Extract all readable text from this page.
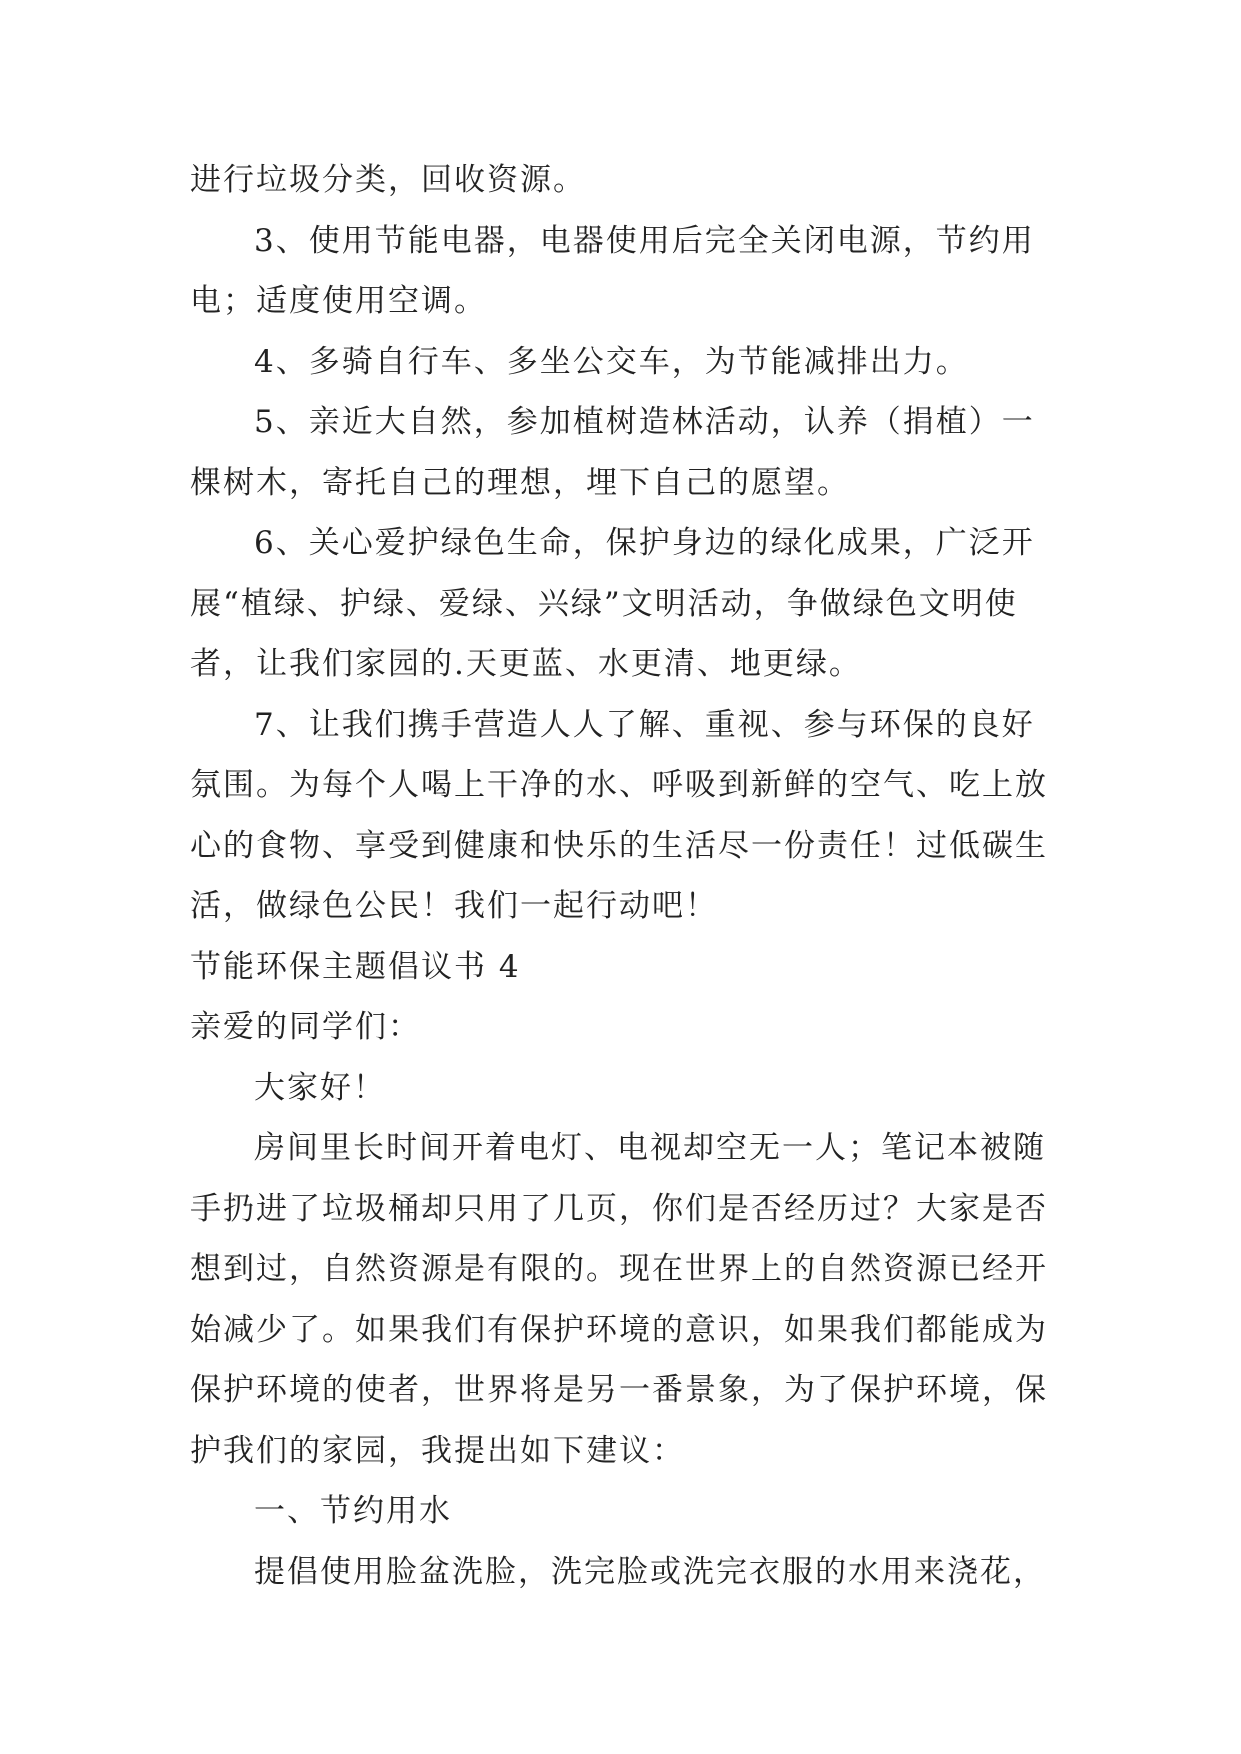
进行垃圾分类，回收资源。
3、使用节能电器，电器使用后完全关闭电源，节约用
电；适度使用空调。
4、多骑自行车、多坐公交车，为节能减排出力。
5、亲近大自然，参加植树造林活动，认养（捐植）一
棵树木，寄托自己的理想，埋下自己的愿望。
6、关心爱护绿色生命，保护身边的绿化成果，广泛开
展“植绿、护绿、爱绿、兴绿”文明活动，争做绿色文明使
者，让我们家园的.天更蓝、水更清、地更绿。
7、让我们携手营造人人了解、重视、参与环保的良好
氛围。为每个人喝上干净的水、呼吸到新鲜的空气、吃上放
心的食物、享受到健康和快乐的生活尽一份责任！过低碳生
活，做绿色公民！我们一起行动吧！
节能环保主题倡议书 4
亲爱的同学们：
大家好！
房间里长时间开着电灯、电视却空无一人；笔记本被随
手扔进了垃圾桶却只用了几页，你们是否经历过？大家是否
想到过，自然资源是有限的。现在世界上的自然资源已经开
始减少了。如果我们有保护环境的意识，如果我们都能成为
保护环境的使者，世界将是另一番景象，为了保护环境，保
护我们的家园，我提出如下建议：
一、节约用水
提倡使用脸盆洗脸，洗完脸或洗完衣服的水用来浇花，
